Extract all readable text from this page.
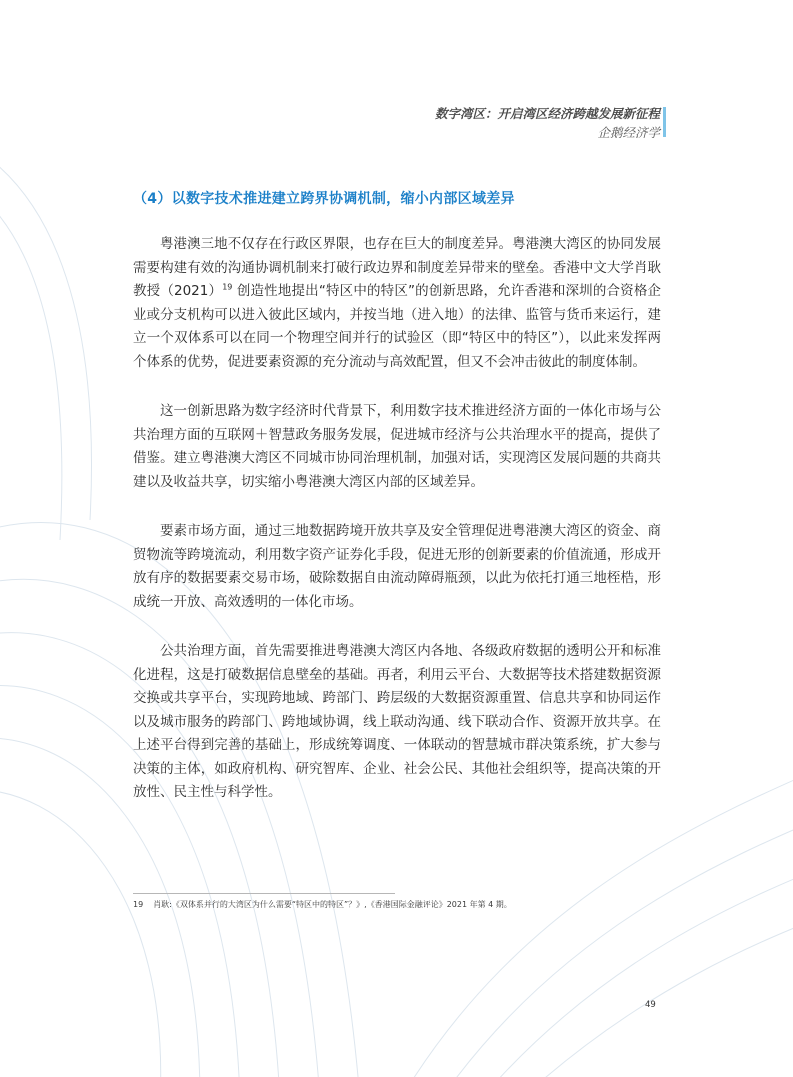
数字湾区：开启湾区经济跨越发展新征程
企鹅经济学
（4）以数字技术推进建立跨界协调机制，缩小内部区域差异

粤港澳三地不仅存在行政区界限，也存在巨大的制度差异。粤港澳大湾区的协同发展需要构建有效的沟通协调机制来打破行政边界和制度差异带来的壁垒。香港中文大学肖耿教授$(2021)^{19}$ 创造性地提出“特区中的特区”的创新思路，允许香港和深圳的合资格企业或分支机构可以进入彼此区域内，并按当地（进入地）的法律、监管与货币来运行，建立一个双体系可以在同一个物理空间并行的试验区（即“特区中的特区”），以此来发挥两个体系的优势，促进要素资源的充分流动与高效配置，但又不会冲击彼此的制度体制。

这一创新思路为数字经济时代背景下，利用数字技术推进经济方面的一体化市场与公共治理方面的互联网＋智慧政务服务发展，促进城市经济与公共治理水平的提高，提供了借鉴。建立粤港澳大湾区不同城市协同治理机制，加强对话，实现湾区发展问题的共商共建以及收益共享，切实缩小粤港澳大湾区内部的区域差异。

要素市场方面，通过三地数据跨境开放共享及安全管理促进粤港澳大湾区的资金、商贸物流等跨境流动，利用数字资产证券化手段，促进无形的创新要素的价值流通，形成开放有序的数据要素交易市场，破除数据自由流动障碍瓶颈，以此为依托打通三地桎梏，形成统一开放、高效透明的一体化市场。

公共治理方面，首先需要推进粤港澳大湾区内各地、各级政府数据的透明公开和标准化进程，这是打破数据信息壁垒的基础。再者，利用云平台、大数据等技术搭建数据资源交换或共享平台，实现跨地域、跨部门、跨层级的大数据资源重置、信息共享和协同运作以及城市服务的跨部门、跨地域协调，线上联动沟通、线下联动合作、资源开放共享。在上述平台得到完善的基础上，形成统筹调度、一体联动的智慧城市群决策系统，扩大参与决策的主体，如政府机构、研究智库、企业、社会公民、其他社会组织等，提高决策的开放性、民主性与科学性。

19 肖耿:《双体系并行的大湾区为什么需要“特区中的特区”？》,《香港国际金融评论》2021 年第 4 期。
49
